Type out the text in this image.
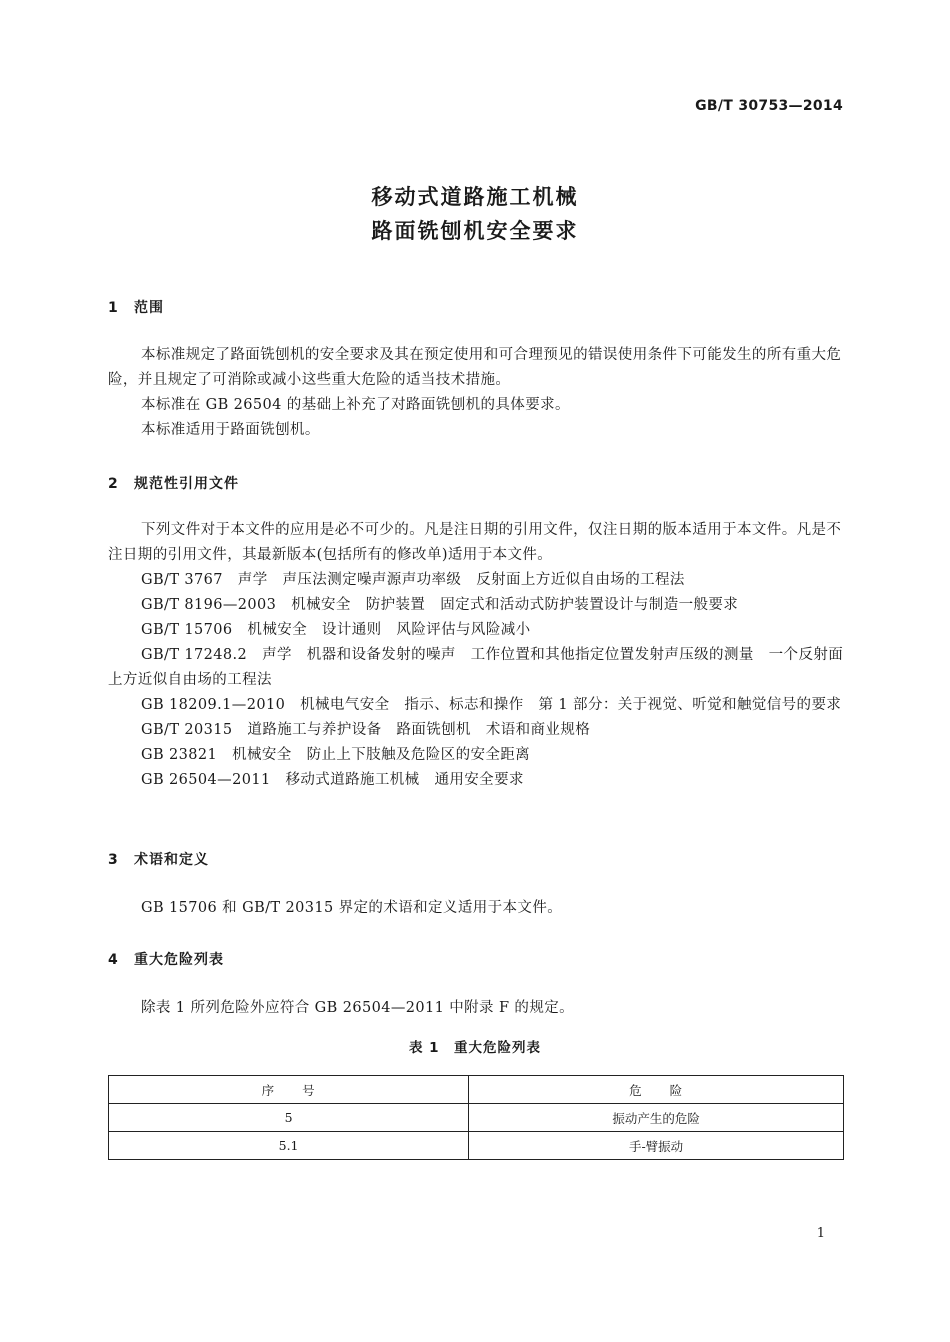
GB/T 30753—2014
移动式道路施工机械
路面铣刨机安全要求
1 范围

本标准规定了路面铣刨机的安全要求及其在预定使用和可合理预见的错误使用条件下可能发生的所有重大危险，并且规定了可消除或减小这些重大危险的适当技术措施。

本标准在 GB 26504 的基础上补充了对路面铣刨机的具体要求。

本标准适用于路面铣刨机。

2 规范性引用文件

下列文件对于本文件的应用是必不可少的。凡是注日期的引用文件，仅注日期的版本适用于本文件。凡是不注日期的引用文件，其最新版本(包括所有的修改单)适用于本文件。

GB/T 3767　声学　声压法测定噪声源声功率级　反射面上方近似自由场的工程法

GB/T 8196—2003　机械安全　防护装置　固定式和活动式防护装置设计与制造一般要求

GB/T 15706　机械安全　设计通则　风险评估与风险减小

GB/T 17248.2　声学　机器和设备发射的噪声　工作位置和其他指定位置发射声压级的测量　一个反射面上方近似自由场的工程法

GB 18209.1—2010　机械电气安全　指示、标志和操作　第 1 部分：关于视觉、听觉和触觉信号的要求

GB/T 20315　道路施工与养护设备　路面铣刨机　术语和商业规格

GB 23821　机械安全　防止上下肢触及危险区的安全距离

GB 26504—2011　移动式道路施工机械　通用安全要求

3 术语和定义

GB 15706 和 GB/T 20315 界定的术语和定义适用于本文件。

4 重大危险列表

除表 1 所列危险外应符合 GB 26504—2011 中附录 F 的规定。

表 1　重大危险列表
序　　号	危　　险
5	振动产生的危险
5.1	手-臂振动
1
